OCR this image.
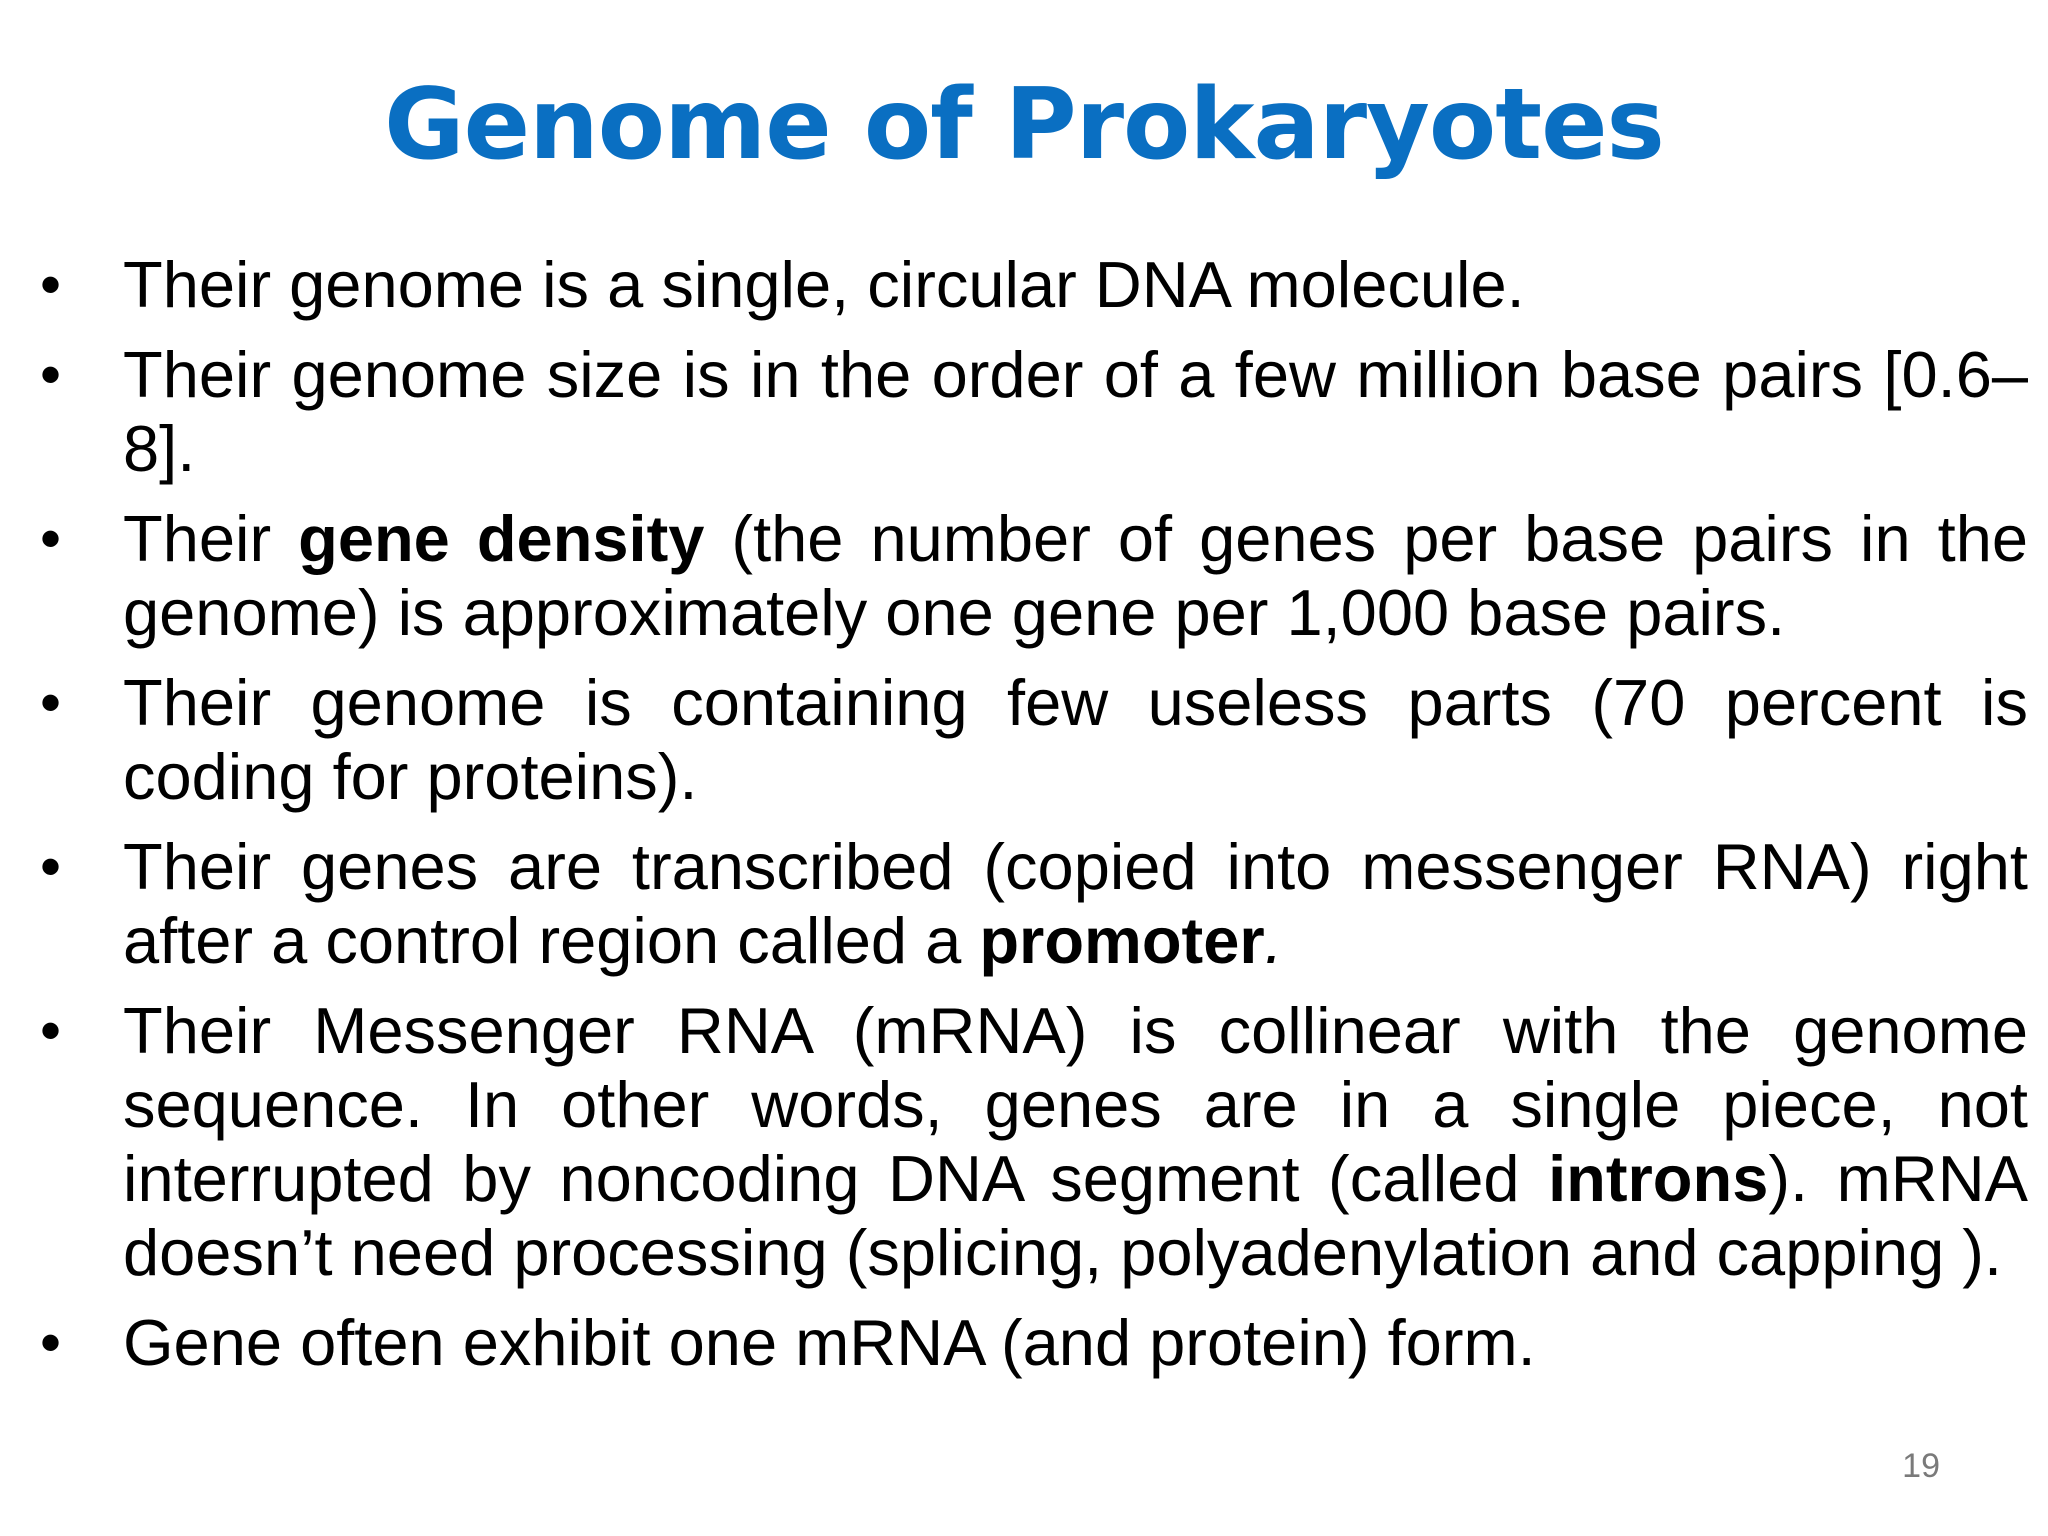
Genome of Prokaryotes
• Their genome is a single, circular DNA molecule.
• Their genome size is in the order of a few million base pairs [0.6–8].
• Their gene density (the number of genes per base pairs in the genome) is approximately one gene per 1,000 base pairs.
• Their genome is containing few useless parts (70 percent is coding for proteins).
• Their genes are transcribed (copied into messenger RNA) right after a control region called a promoter.
• Their Messenger RNA (mRNA) is collinear with the genome sequence. In other words, genes are in a single piece, not interrupted by noncoding DNA segment (called introns). mRNA doesn’t need processing (splicing, polyadenylation and capping ).
• Gene often exhibit one mRNA (and protein) form.
19
